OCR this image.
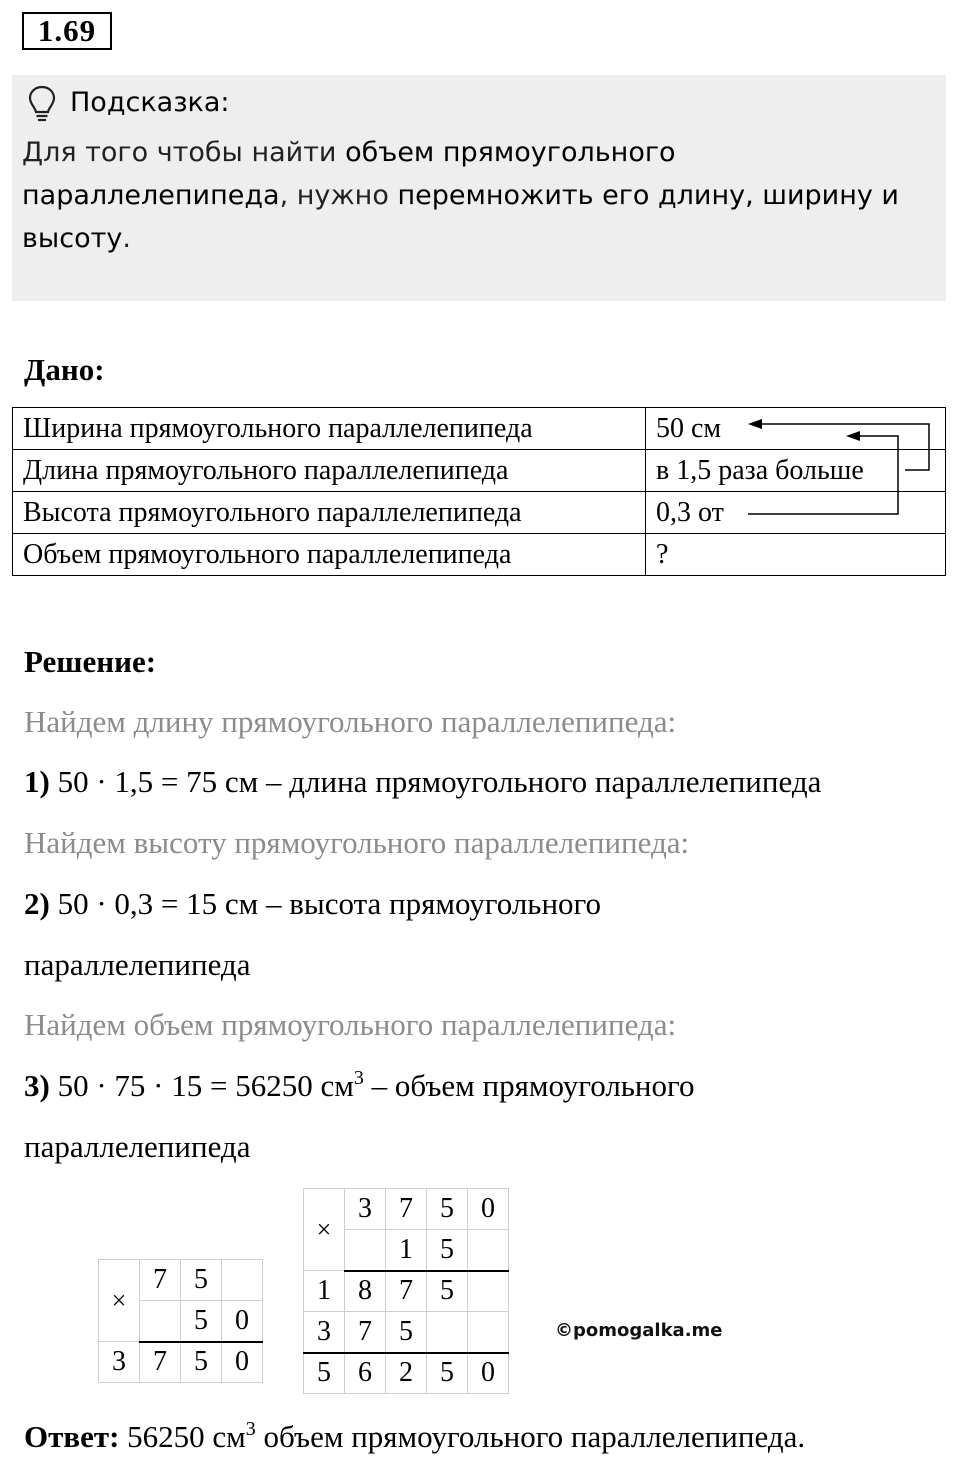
1.69
Подсказка:
Для того чтобы найти объем прямоугольного параллелепипеда, нужно перемножить его длину, ширину и высоту.
Дано:
Ширина прямоугольного параллелепипеда	50 см
Длина прямоугольного параллелепипеда	в 1,5 раза больше
Высота прямоугольного параллелепипеда	0,3 от
Объем прямоугольного параллелепипеда	?
Решение:
Найдем длину прямоугольного параллелепипеда:
1) 50 · 1,5 = 75 см – длина прямоугольного параллелепипеда
Найдем высоту прямоугольного параллелепипеда:
2) 50 · 0,3 = 15 см – высота прямоугольного
параллелепипеда
Найдем объем прямоугольного параллелепипеда:
3) 50 · 75 · 15 = 56250 $см^3$ – объем прямоугольного
параллелепипеда
×	7	5	
		5	0
3	7	5	0
×	3	7	5	0
		1	5	
1	8	7	5	
3	7	5		
5	6	2	5	0
©pomogalka.me
Ответ: 56250 $см^3$ объем прямоугольного параллелепипеда.
